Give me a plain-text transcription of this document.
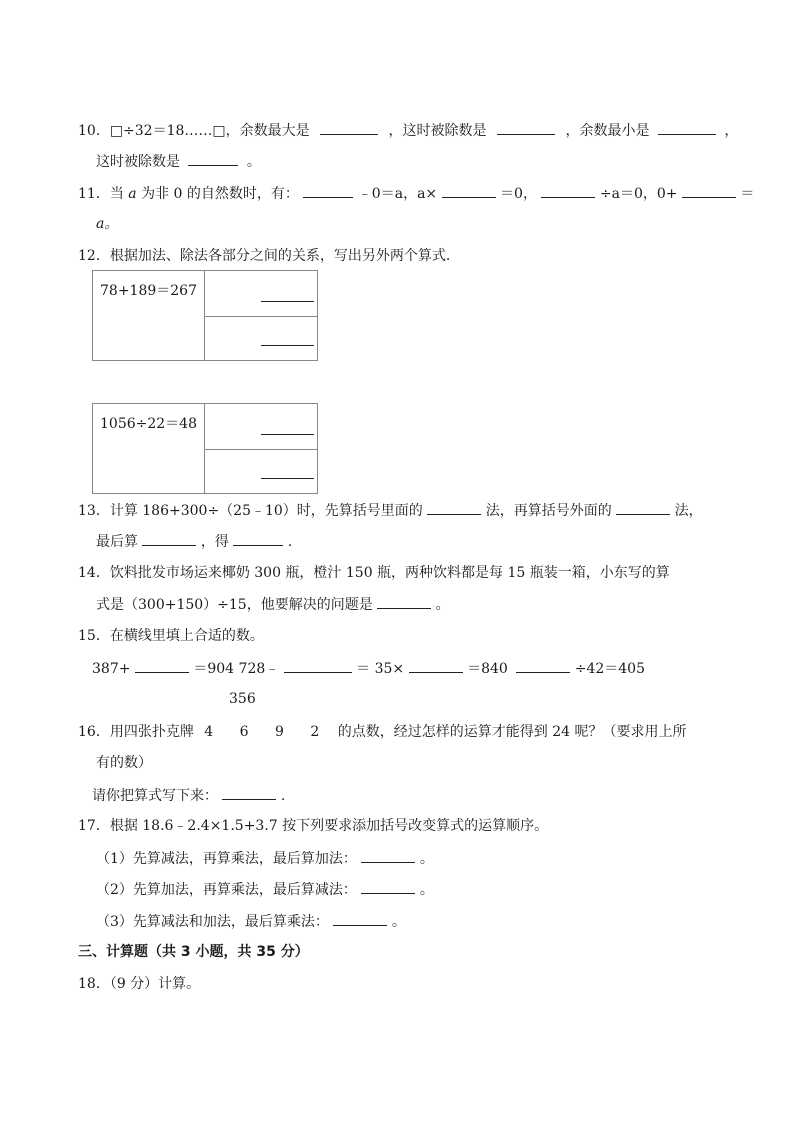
10．□÷32＝18……□，余数最大是	，这时被除数是	，余数最小是	，
这时被除数是	。
11．当 a 为非 0 的自然数时，有：	﹣0＝a，a×	＝0，	÷a＝0，0+	＝
a。
12．根据加法、除法各部分之间的关系，写出另外两个算式.
78+189＝267
1056÷22＝48
13．计算 186+300÷（25﹣10）时，先算括号里面的	法，再算括号外面的	法，
最后算	，得	.
14．饮料批发市场运来椰奶 300 瓶，橙汁 150 瓶，两种饮料都是每 15 瓶装一箱，小东写的算
式是（300+150）÷15，他要解决的问题是	。
15．在横线里填上合适的数。
387+	＝904 728﹣	＝ 35×	＝840	÷42＝405
356
16．用四张扑克牌 4 6 9 2 的点数，经过怎样的运算才能得到 24 呢？（要求用上所
有的数）
请你把算式写下来：	.
17．根据 18.6﹣2.4×1.5+3.7 按下列要求添加括号改变算式的运算顺序。
（1）先算减法，再算乘法，最后算加法：	。
（2）先算加法，再算乘法，最后算减法：	。
（3）先算减法和加法，最后算乘法：	。
三、计算题（共 3 小题，共 35 分）
18．（9 分）计算。
